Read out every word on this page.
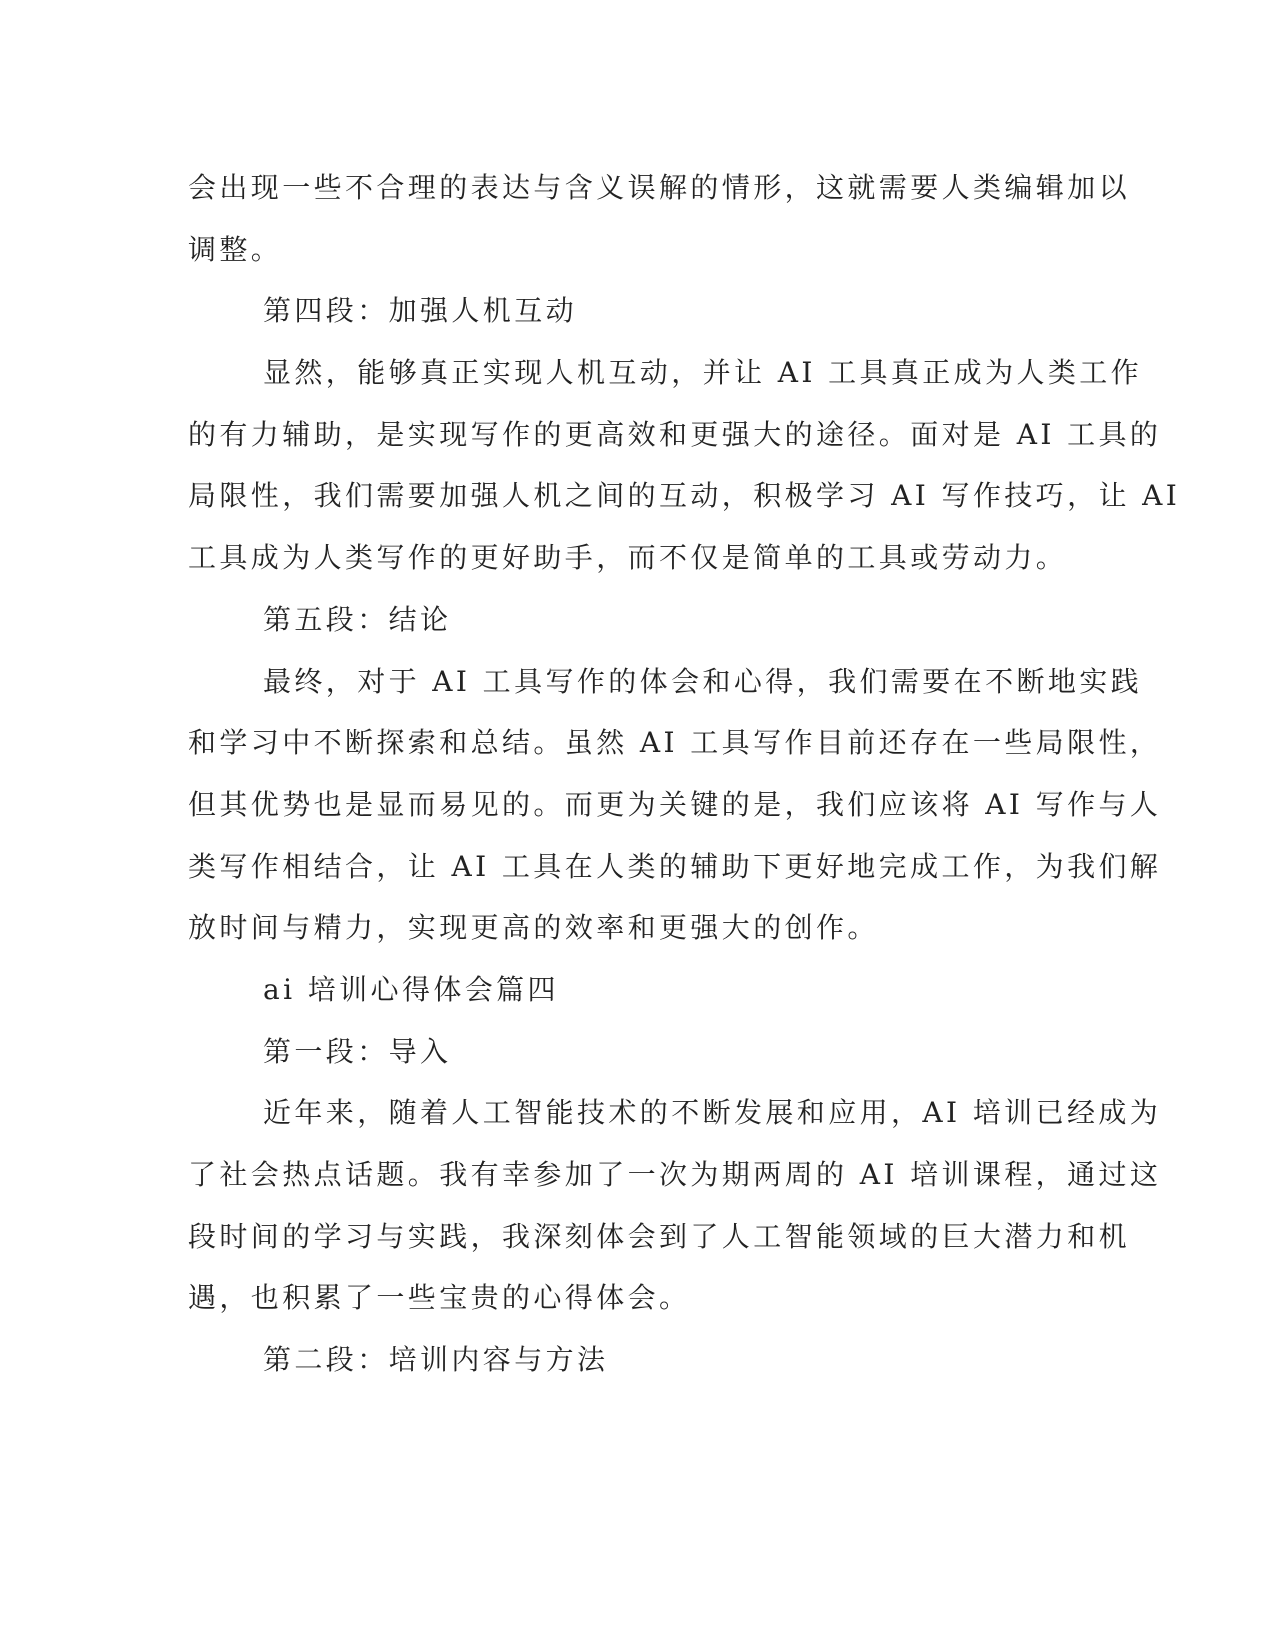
会出现一些不合理的表达与含义误解的情形，这就需要人类编辑加以
调整。
第四段：加强人机互动
显然，能够真正实现人机互动，并让 AI 工具真正成为人类工作
的有力辅助，是实现写作的更高效和更强大的途径。面对是 AI 工具的
局限性，我们需要加强人机之间的互动，积极学习 AI 写作技巧，让 AI
工具成为人类写作的更好助手，而不仅是简单的工具或劳动力。
第五段：结论
最终，对于 AI 工具写作的体会和心得，我们需要在不断地实践
和学习中不断探索和总结。虽然 AI 工具写作目前还存在一些局限性，
但其优势也是显而易见的。而更为关键的是，我们应该将 AI 写作与人
类写作相结合，让 AI 工具在人类的辅助下更好地完成工作，为我们解
放时间与精力，实现更高的效率和更强大的创作。
ai 培训心得体会篇四
第一段：导入
近年来，随着人工智能技术的不断发展和应用，AI 培训已经成为
了社会热点话题。我有幸参加了一次为期两周的 AI 培训课程，通过这
段时间的学习与实践，我深刻体会到了人工智能领域的巨大潜力和机
遇，也积累了一些宝贵的心得体会。
第二段：培训内容与方法
